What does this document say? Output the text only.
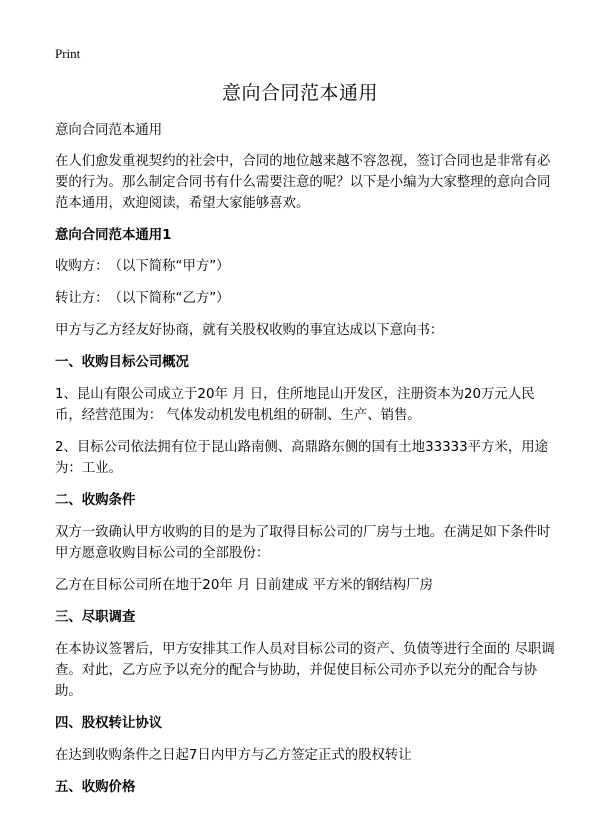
Print
意向合同范本通用

意向合同范本通用

在人们愈发重视契约的社会中，合同的地位越来越不容忽视，签订合同也是非常有必要的行为。那么制定合同书有什么需要注意的呢？以下是小编为大家整理的意向合同范本通用，欢迎阅读，希望大家能够喜欢。

意向合同范本通用1

收购方：　（以下简称“甲方”）

转让方：　（以下简称“乙方”）

甲方与乙方经友好协商，就有关股权收购的事宜达成以下意向书：

一、收购目标公司概况

1、昆山有限公司成立于20年 月 日，住所地昆山开发区，注册资本为20万元人民币，经营范围为： 气体发动机发电机组的研制、生产、销售。

2、目标公司依法拥有位于昆山路南侧、高鼎路东侧的国有土地33333平方米，用途为：工业。

二、收购条件

双方一致确认甲方收购的目的是为了取得目标公司的厂房与土地。在满足如下条件时甲方愿意收购目标公司的全部股份：

乙方在目标公司所在地于20年 月 日前建成 平方米的钢结构厂房

三、尽职调查

在本协议签署后，甲方安排其工作人员对目标公司的资产、负债等进行全面的 尽职调查。对此，乙方应予以充分的配合与协助，并促使目标公司亦予以充分的配合与协助。

四、股权转让协议

在达到收购条件之日起7日内甲方与乙方签定正式的股权转让

五、收购价格
